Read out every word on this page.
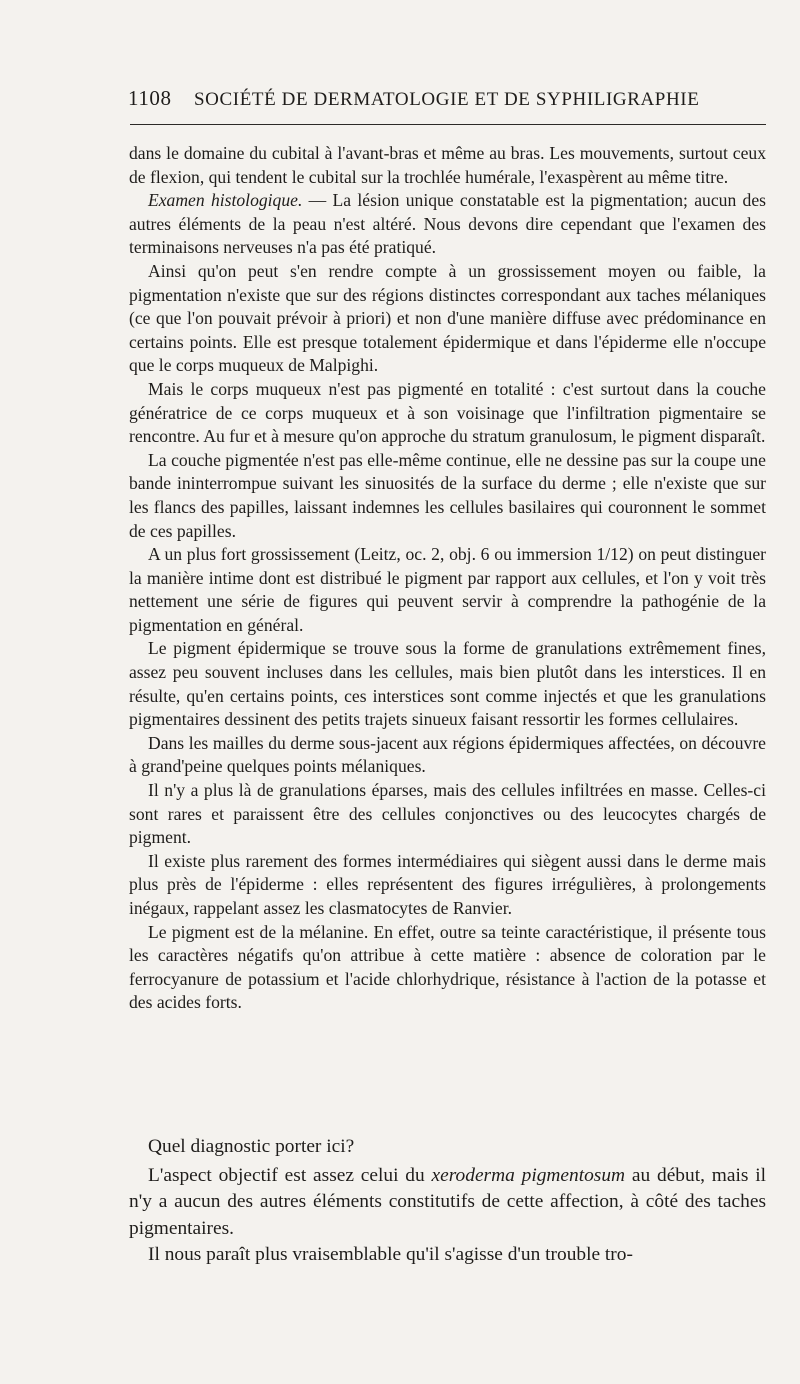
1108 SOCIÉTÉ DE DERMATOLOGIE ET DE SYPHILIGRAPHIE

dans le domaine du cubital à l'avant-bras et même au bras. Les mouvements, surtout ceux de flexion, qui tendent le cubital sur la trochlée humérale, l'exaspèrent au même titre.

Examen histologique. — La lésion unique constatable est la pigmentation; aucun des autres éléments de la peau n'est altéré. Nous devons dire cependant que l'examen des terminaisons nerveuses n'a pas été pratiqué.

Ainsi qu'on peut s'en rendre compte à un grossissement moyen ou faible, la pigmentation n'existe que sur des régions distinctes correspondant aux taches mélaniques (ce que l'on pouvait prévoir à priori) et non d'une manière diffuse avec prédominance en certains points. Elle est presque totalement épidermique et dans l'épiderme elle n'occupe que le corps muqueux de Malpighi.

Mais le corps muqueux n'est pas pigmenté en totalité : c'est surtout dans la couche génératrice de ce corps muqueux et à son voisinage que l'infiltration pigmentaire se rencontre. Au fur et à mesure qu'on approche du stratum granulosum, le pigment disparaît.

La couche pigmentée n'est pas elle-même continue, elle ne dessine pas sur la coupe une bande ininterrompue suivant les sinuosités de la surface du derme ; elle n'existe que sur les flancs des papilles, laissant indemnes les cellules basilaires qui couronnent le sommet de ces papilles.

A un plus fort grossissement (Leitz, oc. 2, obj. 6 ou immersion 1/12) on peut distinguer la manière intime dont est distribué le pigment par rapport aux cellules, et l'on y voit très nettement une série de figures qui peuvent servir à comprendre la pathogénie de la pigmentation en général.

Le pigment épidermique se trouve sous la forme de granulations extrêmement fines, assez peu souvent incluses dans les cellules, mais bien plutôt dans les interstices. Il en résulte, qu'en certains points, ces interstices sont comme injectés et que les granulations pigmentaires dessinent des petits trajets sinueux faisant ressortir les formes cellulaires.

Dans les mailles du derme sous-jacent aux régions épidermiques affectées, on découvre à grand'peine quelques points mélaniques.

Il n'y a plus là de granulations éparses, mais des cellules infiltrées en masse. Celles-ci sont rares et paraissent être des cellules conjonctives ou des leucocytes chargés de pigment.

Il existe plus rarement des formes intermédiaires qui siègent aussi dans le derme mais plus près de l'épiderme : elles représentent des figures irrégulières, à prolongements inégaux, rappelant assez les clasmatocytes de Ranvier.

Le pigment est de la mélanine. En effet, outre sa teinte caractéristique, il présente tous les caractères négatifs qu'on attribue à cette matière : absence de coloration par le ferrocyanure de potassium et l'acide chlorhydrique, résistance à l'action de la potasse et des acides forts.

Quel diagnostic porter ici?

L'aspect objectif est assez celui du xeroderma pigmentosum au début, mais il n'y a aucun des autres éléments constitutifs de cette affection, à côté des taches pigmentaires.

Il nous paraît plus vraisemblable qu'il s'agisse d'un trouble tro-
